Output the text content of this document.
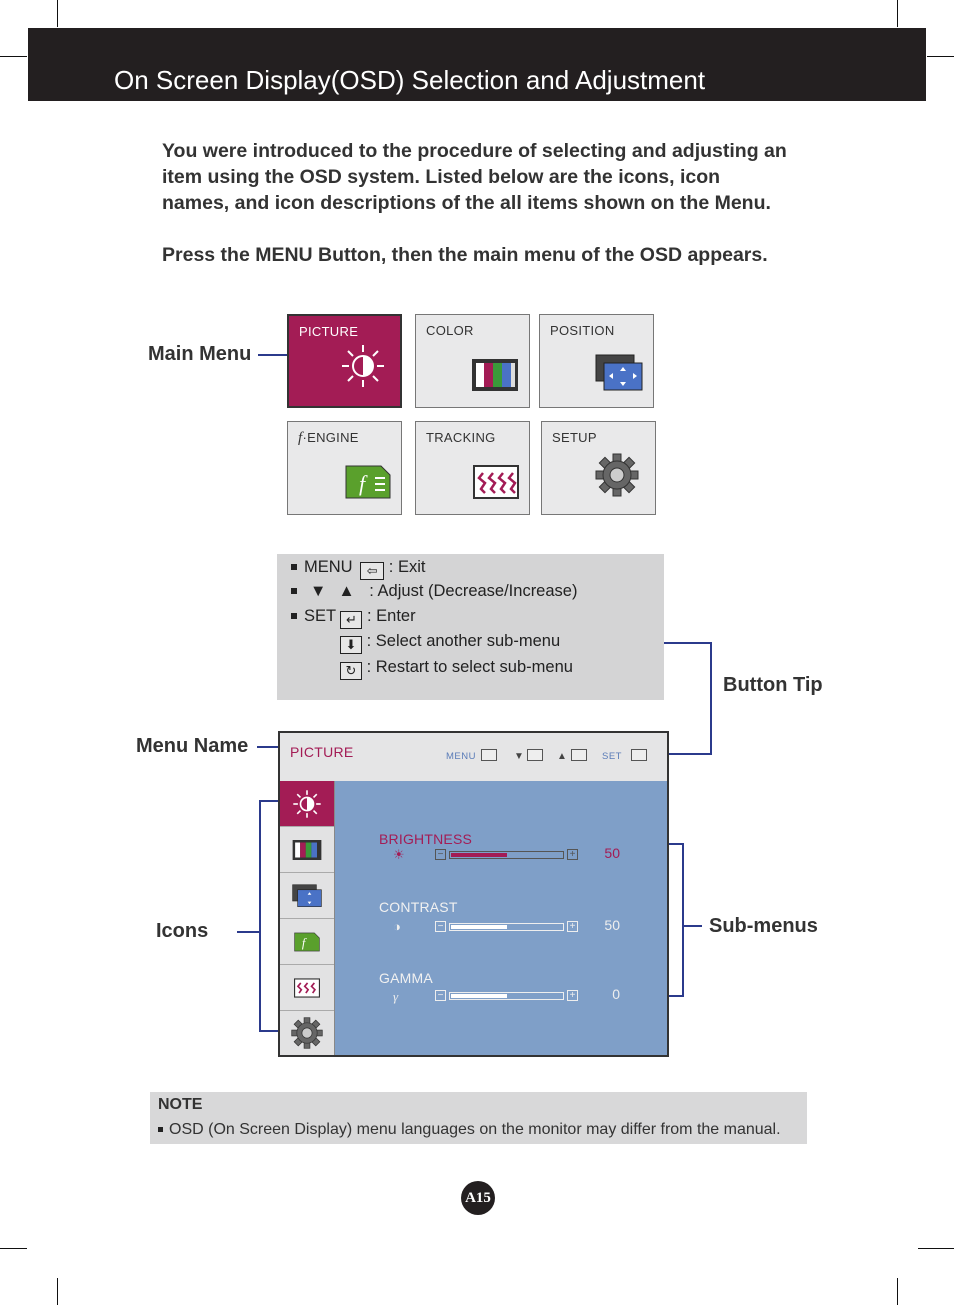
On Screen Display(OSD) Selection and Adjustment
You were introduced to the procedure of selecting and adjusting an
item using the OSD system. Listed below are the icons, icon
names, and icon descriptions of the all items shown on the Menu.
Press the MENU Button, then the main menu of the OSD appears.
Main Menu
PICTURE	COLOR	POSITION
f·ENGINE
f
TRACKING	SETUP
MENU ⇦ : Exit
▼ ▲ : Adjust (Decrease/Increase)
SET ↵ : Enter
⬇ : Select another sub-menu
↻ : Restart to select sub-menu
Button Tip
Menu Name
Icons	Sub-menus
PICTURE	MENU	▼	▲	SET
f
BRIGHTNESS
☀	−	+	50
CONTRAST
◑	−	+	50
GAMMA
γ	−	+	0
NOTE
OSD (On Screen Display) menu languages on the monitor may differ from the manual.
A15
